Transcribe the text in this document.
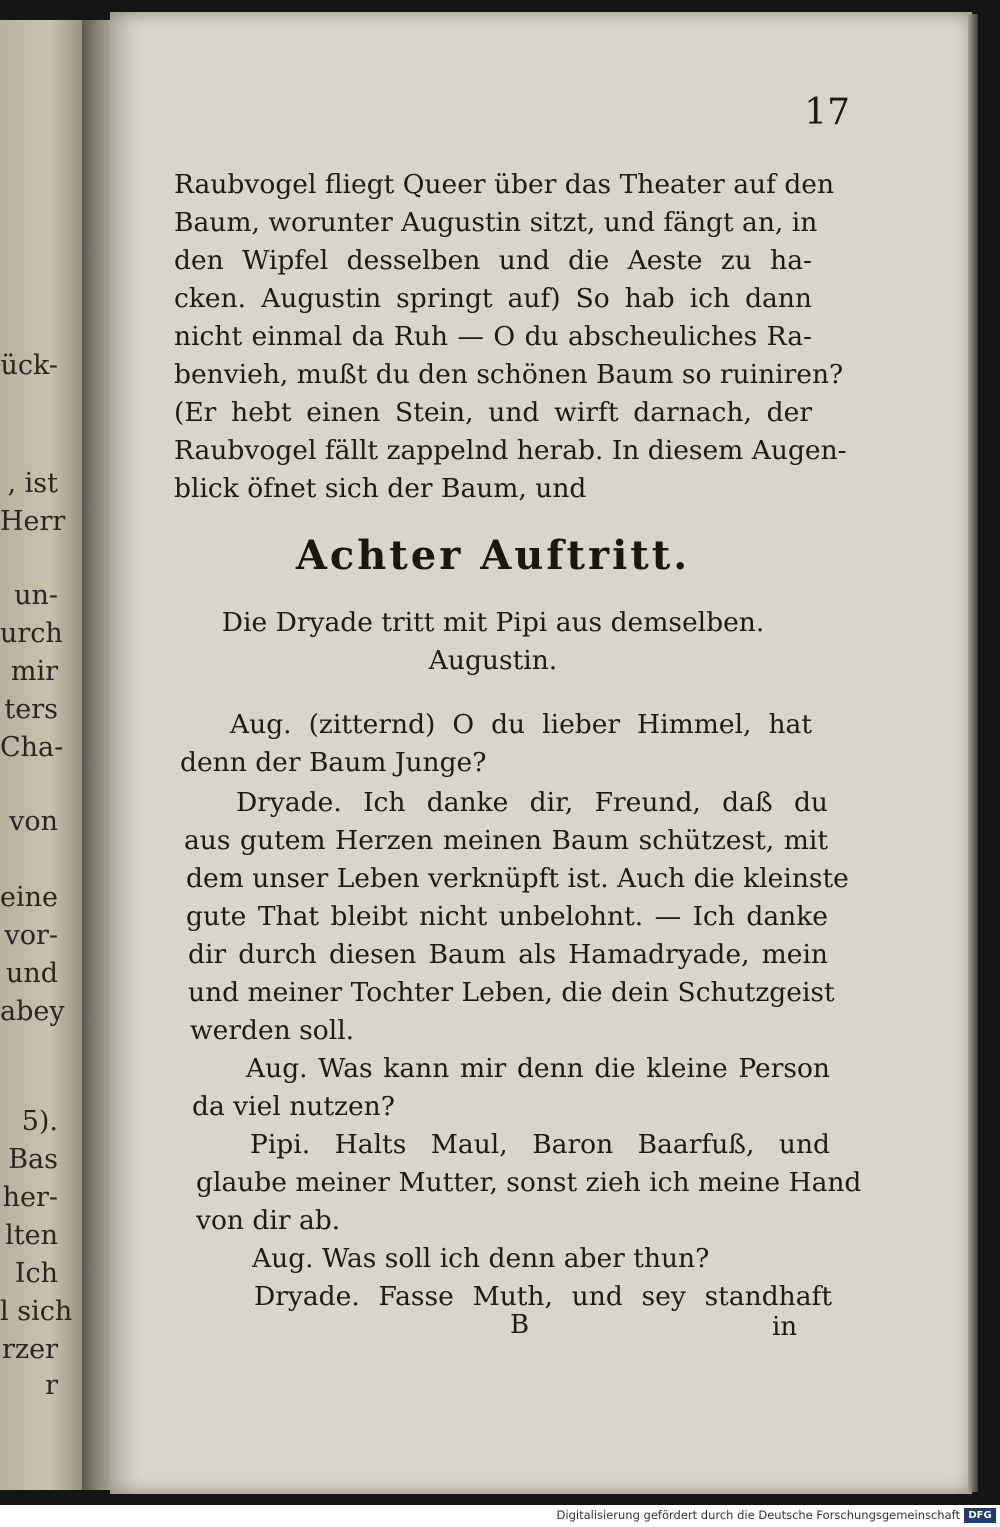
ück-
, ist
Herr
un-
urch
mir
ters
Cha-
von
eine
vor-
und
abey
5).
Bas
her-
lten
Ich
l sich
rzer
r
17
Raubvogel fliegt Queer über das Theater auf den
Baum, worunter Augustin sitzt, und fängt an, in
den Wipfel desselben und die Aeste zu ha-
cken. Augustin springt auf) So hab ich dann
nicht einmal da Ruh — O du abscheuliches Ra-
benvieh, mußt du den schönen Baum so ruiniren?
(Er hebt einen Stein, und wirft darnach, der
Raubvogel fällt zappelnd herab. In diesem Augen-
blick öfnet sich der Baum, und
Achter Auftritt.
Die Dryade tritt mit Pipi aus demselben.
Augustin.
Aug. (zitternd) O du lieber Himmel, hat
denn der Baum Junge?
Dryade. Ich danke dir, Freund, daß du
aus gutem Herzen meinen Baum schützest, mit
dem unser Leben verknüpft ist. Auch die kleinste
gute That bleibt nicht unbelohnt. — Ich danke
dir durch diesen Baum als Hamadryade, mein
und meiner Tochter Leben, die dein Schutzgeist
werden soll.
Aug. Was kann mir denn die kleine Person
da viel nutzen?
Pipi. Halts Maul, Baron Baarfuß, und
glaube meiner Mutter, sonst zieh ich meine Hand
von dir ab.
Aug. Was soll ich denn aber thun?
Dryade. Fasse Muth, und sey standhaft
B	in
Digitalisierung gefördert durch die Deutsche Forschungsgemeinschaft DFG
